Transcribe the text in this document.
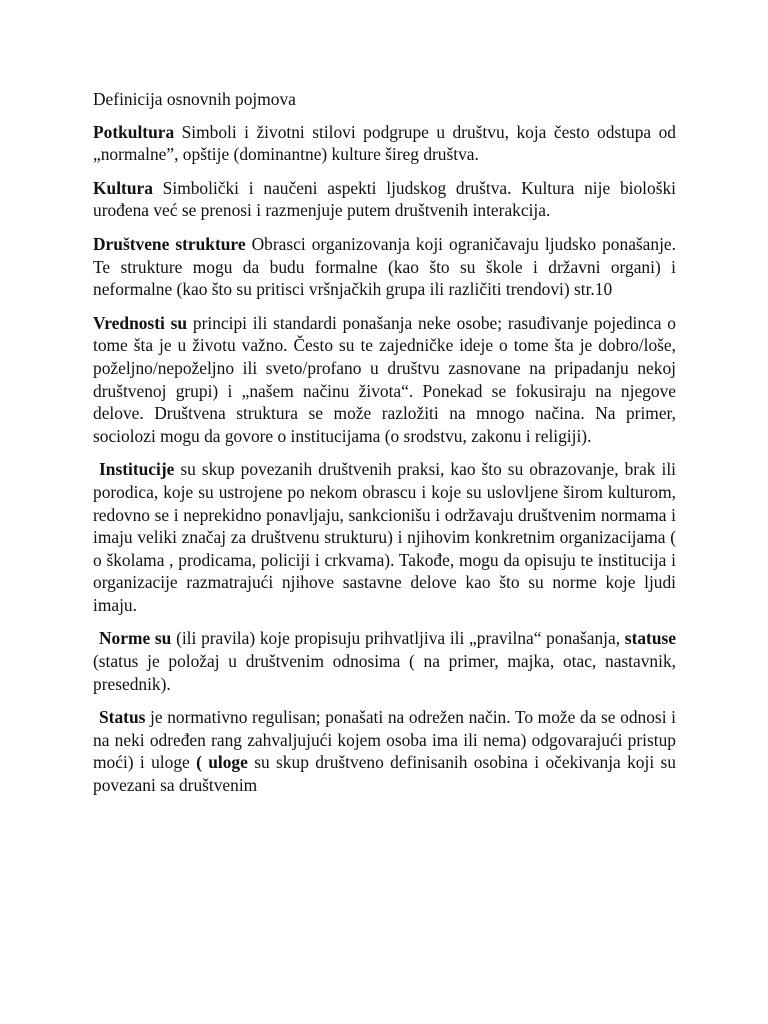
Definicija osnovnih pojmova

Potkultura Simboli i životni stilovi podgrupe u društvu, koja često odstupa od „normalne”, opštije (dominantne) kulture šireg društva.

Kultura Simbolički i naučeni aspekti ljudskog društva. Kultura nije biološki urođena već se prenosi i razmenjuje putem društvenih interakcija.

Društvene strukture Obrasci organizovanja koji ograničavaju ljudsko ponašanje. Te strukture mogu da budu formalne (kao što su škole i državni organi) i neformalne (kao što su pritisci vršnjačkih grupa ili različiti trendovi) str.10

Vrednosti su principi ili standardi ponašanja neke osobe; rasuđivanje pojedinca o tome šta je u životu važno. Često su te zajedničke ideje o tome šta je dobro/loše, poželjno/nepoželjno ili sveto/profano u društvu zasnovane na pripadanju nekoj društvenoj grupi) i „našem načinu života“. Ponekad se fokusiraju na njegove delove. Društvena struktura se može razložiti na mnogo načina. Na primer, sociolozi mogu da govore o institucijama (o srodstvu, zakonu i religiji).

Institucije su skup povezanih društvenih praksi, kao što su obrazovanje, brak ili porodica, koje su ustrojene po nekom obrascu i koje su uslovljene širom kulturom, redovno se i neprekidno ponavljaju, sankcionišu i održavaju društvenim normama i imaju veliki značaj za društvenu strukturu) i njihovim konkretnim organizacijama ( o školama , prodicama, policiji i crkvama). Takođe, mogu da opisuju te institucija i organizacije razmatrajući njihove sastavne delove kao što su norme koje ljudi imaju.

Norme su (ili pravila) koje propisuju prihvatljiva ili „pravilna“ ponašanja, statuse (status je položaj u društvenim odnosima ( na primer, majka, otac, nastavnik, presednik).

Status je normativno regulisan; ponašati na odrežen način. To može da se odnosi i na neki određen rang zahvaljujući kojem osoba ima ili nema) odgovarajući pristup moći) i uloge ( uloge su skup društveno definisanih osobina i očekivanja koji su povezani sa društvenim
